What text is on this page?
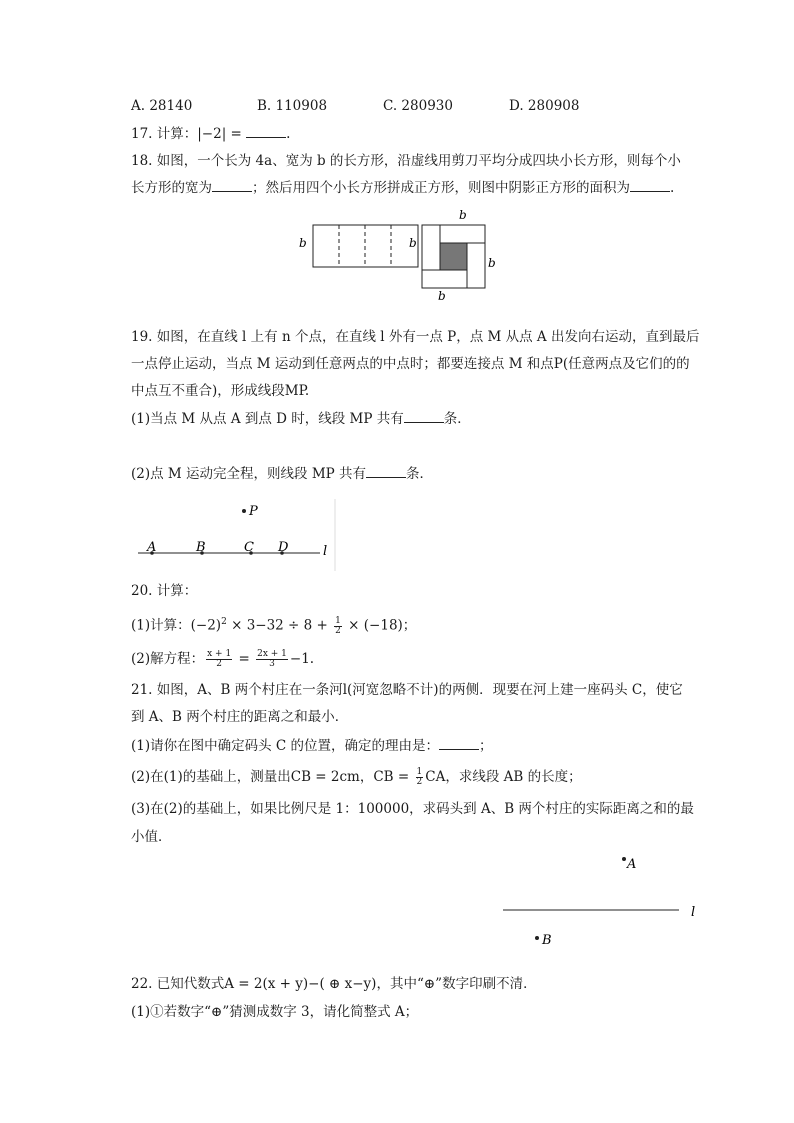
A. 28140	B. 110908	C. 280930	D. 280908
17. 计算：|−2| =	.
18. 如图，一个长为 4a、宽为 b 的长方形，沿虚线用剪刀平均分成四块小长方形，则每个小
长方形的宽为	；然后用四个小长方形拼成正方形，则图中阴影正方形的面积为	.
b
b
b
b
b
19. 如图，在直线 l 上有 n 个点，在直线 l 外有一点 P，点 M 从点 A 出发向右运动，直到最后
一点停止运动，当点 M 运动到任意两点的中点时；都要连接点 M 和点P(任意两点及它们的的
中点互不重合)，形成线段MP.
(1)当点 M 从点 A 到点 D 时，线段 MP 共有	条．
(2)点 M 运动完全程，则线段 MP 共有	条．
P
A	B	C D	l
20. 计算：
(1)计算：$(-2)^2 \times 3-32 \div 8 + \frac{1}{2} \times (-18)$；
(2)解方程： $\frac{x + 1}{2} = \frac{2x + 1}{3} -1$.
21. 如图，A、B 两个村庄在一条河l(河宽忽略不计)的两侧．现要在河上建一座码头 C，使它
到 A、B 两个村庄的距离之和最小．
(1)请你在图中确定码头 C 的位置，确定的理由是：	；
(2)在(1)的基础上，测量出CB = 2cm，CB = $\frac{1}{2}$ CA，求线段 AB 的长度；
(3)在(2)的基础上，如果比例尺是 1：100000，求码头到 A、B 两个村庄的实际距离之和的最
小值．
A
l
B
22. 已知代数式A = 2(x + y)−( ⊕ x−y)，其中“⊕”数字印刷不清．
(1)①若数字“⊕”猜测成数字 3，请化简整式 A；
